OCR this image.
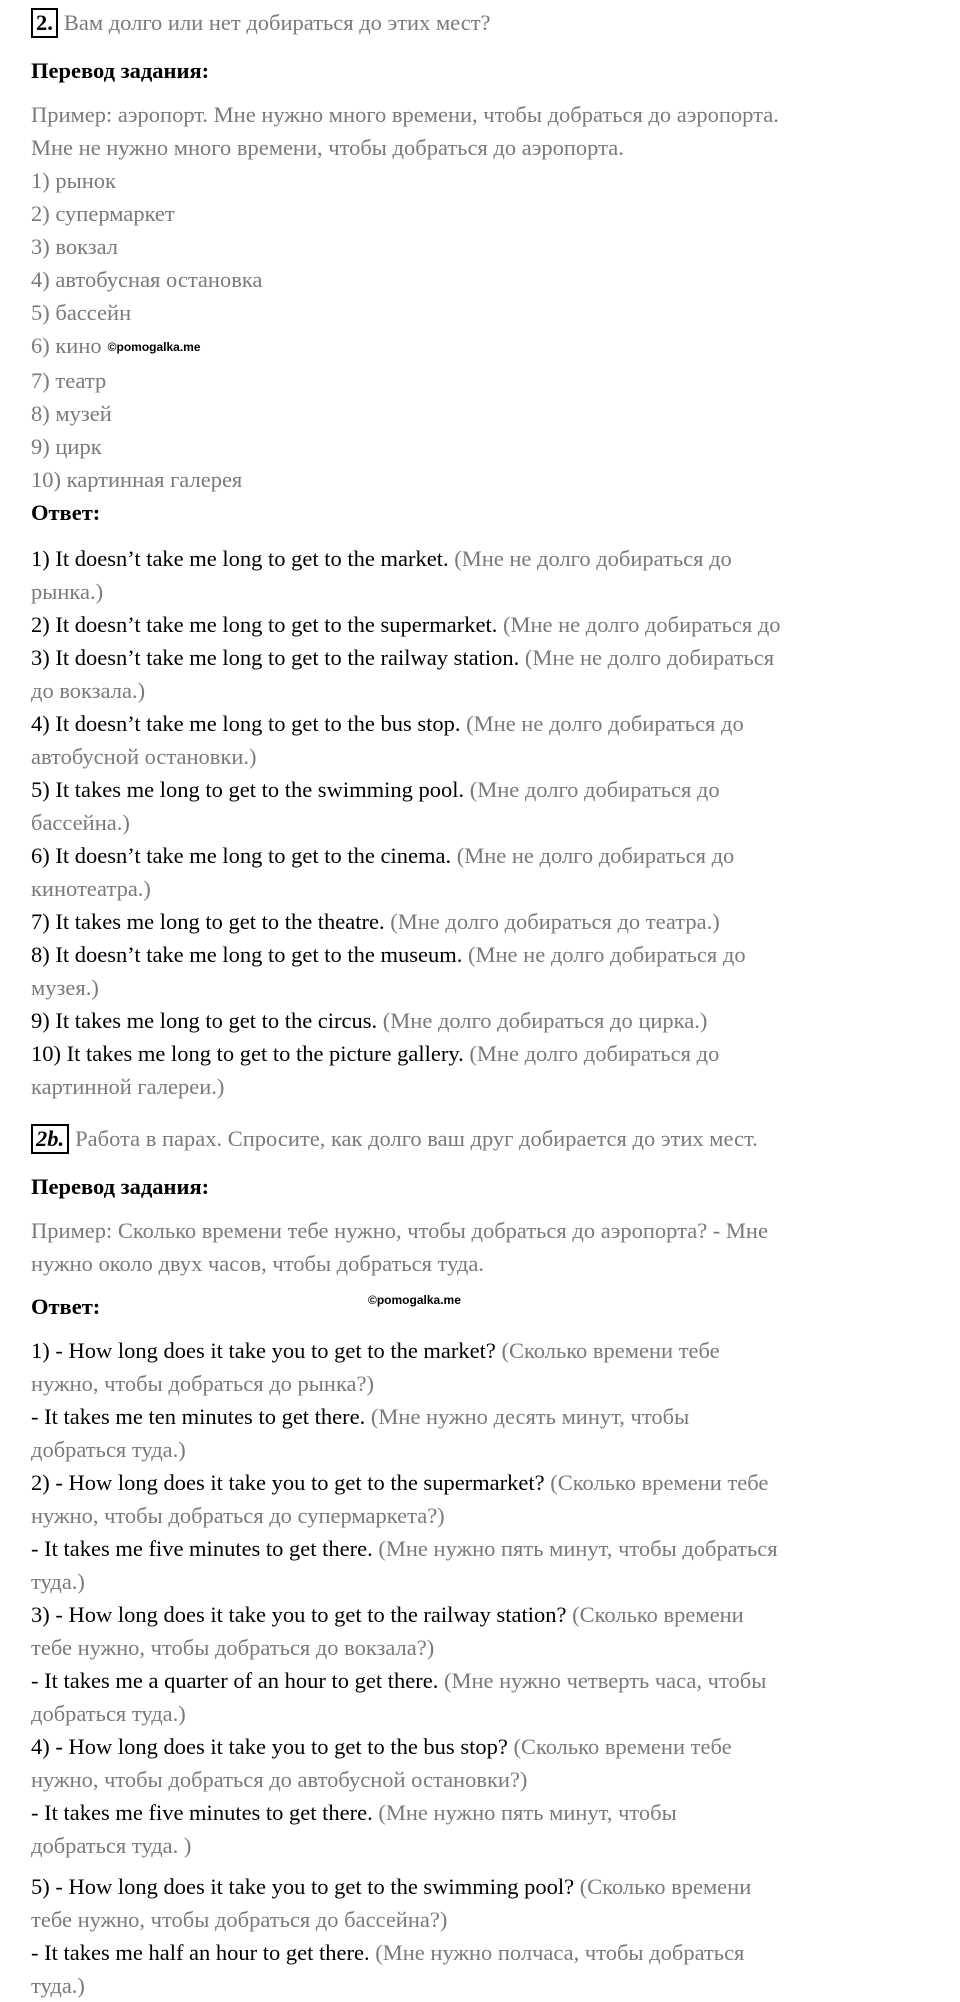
2. Вам долго или нет добираться до этих мест?
Перевод задания:
Пример: аэропорт. Мне нужно много времени, чтобы добраться до аэропорта.
Мне не нужно много времени, чтобы добраться до аэропорта.
1) рынок
2) супермаркет
3) вокзал
4) автобусная остановка
5) бассейн
6) кино ©pomogalka.me
7) театр
8) музей
9) цирк
10) картинная галерея
Ответ:
1) It doesn’t take me long to get to the market. (Мне не долго добираться до
рынка.)
2) It doesn’t take me long to get to the supermarket. (Мне не долго добираться до
3) It doesn’t take me long to get to the railway station. (Мне не долго добираться
до вокзала.)
4) It doesn’t take me long to get to the bus stop. (Мне не долго добираться до
автобусной остановки.)
5) It takes me long to get to the swimming pool. (Мне долго добираться до
бассейна.)
6) It doesn’t take me long to get to the cinema. (Мне не долго добираться до
кинотеатра.)
7) It takes me long to get to the theatre. (Мне долго добираться до театра.)
8) It doesn’t take me long to get to the museum. (Мне не долго добираться до
музея.)
9) It takes me long to get to the circus. (Мне долго добираться до цирка.)
10) It takes me long to get to the picture gallery. (Мне долго добираться до
картинной галереи.)
2b. Работа в парах. Спросите, как долго ваш друг добирается до этих мест.
Перевод задания:
Пример: Сколько времени тебе нужно, чтобы добраться до аэропорта? - Мне
нужно около двух часов, чтобы добраться туда.
Ответ:	©pomogalka.me
1) - How long does it take you to get to the market? (Сколько времени тебе
нужно, чтобы добраться до рынка?)
- It takes me ten minutes to get there. (Мне нужно десять минут, чтобы
добраться туда.)
2) - How long does it take you to get to the supermarket? (Сколько времени тебе
нужно, чтобы добраться до супермаркета?)
- It takes me five minutes to get there. (Мне нужно пять минут, чтобы добраться
туда.)
3) - How long does it take you to get to the railway station? (Сколько времени
тебе нужно, чтобы добраться до вокзала?)
- It takes me a quarter of an hour to get there. (Мне нужно четверть часа, чтобы
добраться туда.)
4) - How long does it take you to get to the bus stop? (Сколько времени тебе
нужно, чтобы добраться до автобусной остановки?)
- It takes me five minutes to get there. (Мне нужно пять минут, чтобы
добраться туда. )
5) - How long does it take you to get to the swimming pool? (Сколько времени
тебе нужно, чтобы добраться до бассейна?)
- It takes me half an hour to get there. (Мне нужно полчаса, чтобы добраться
туда.)
